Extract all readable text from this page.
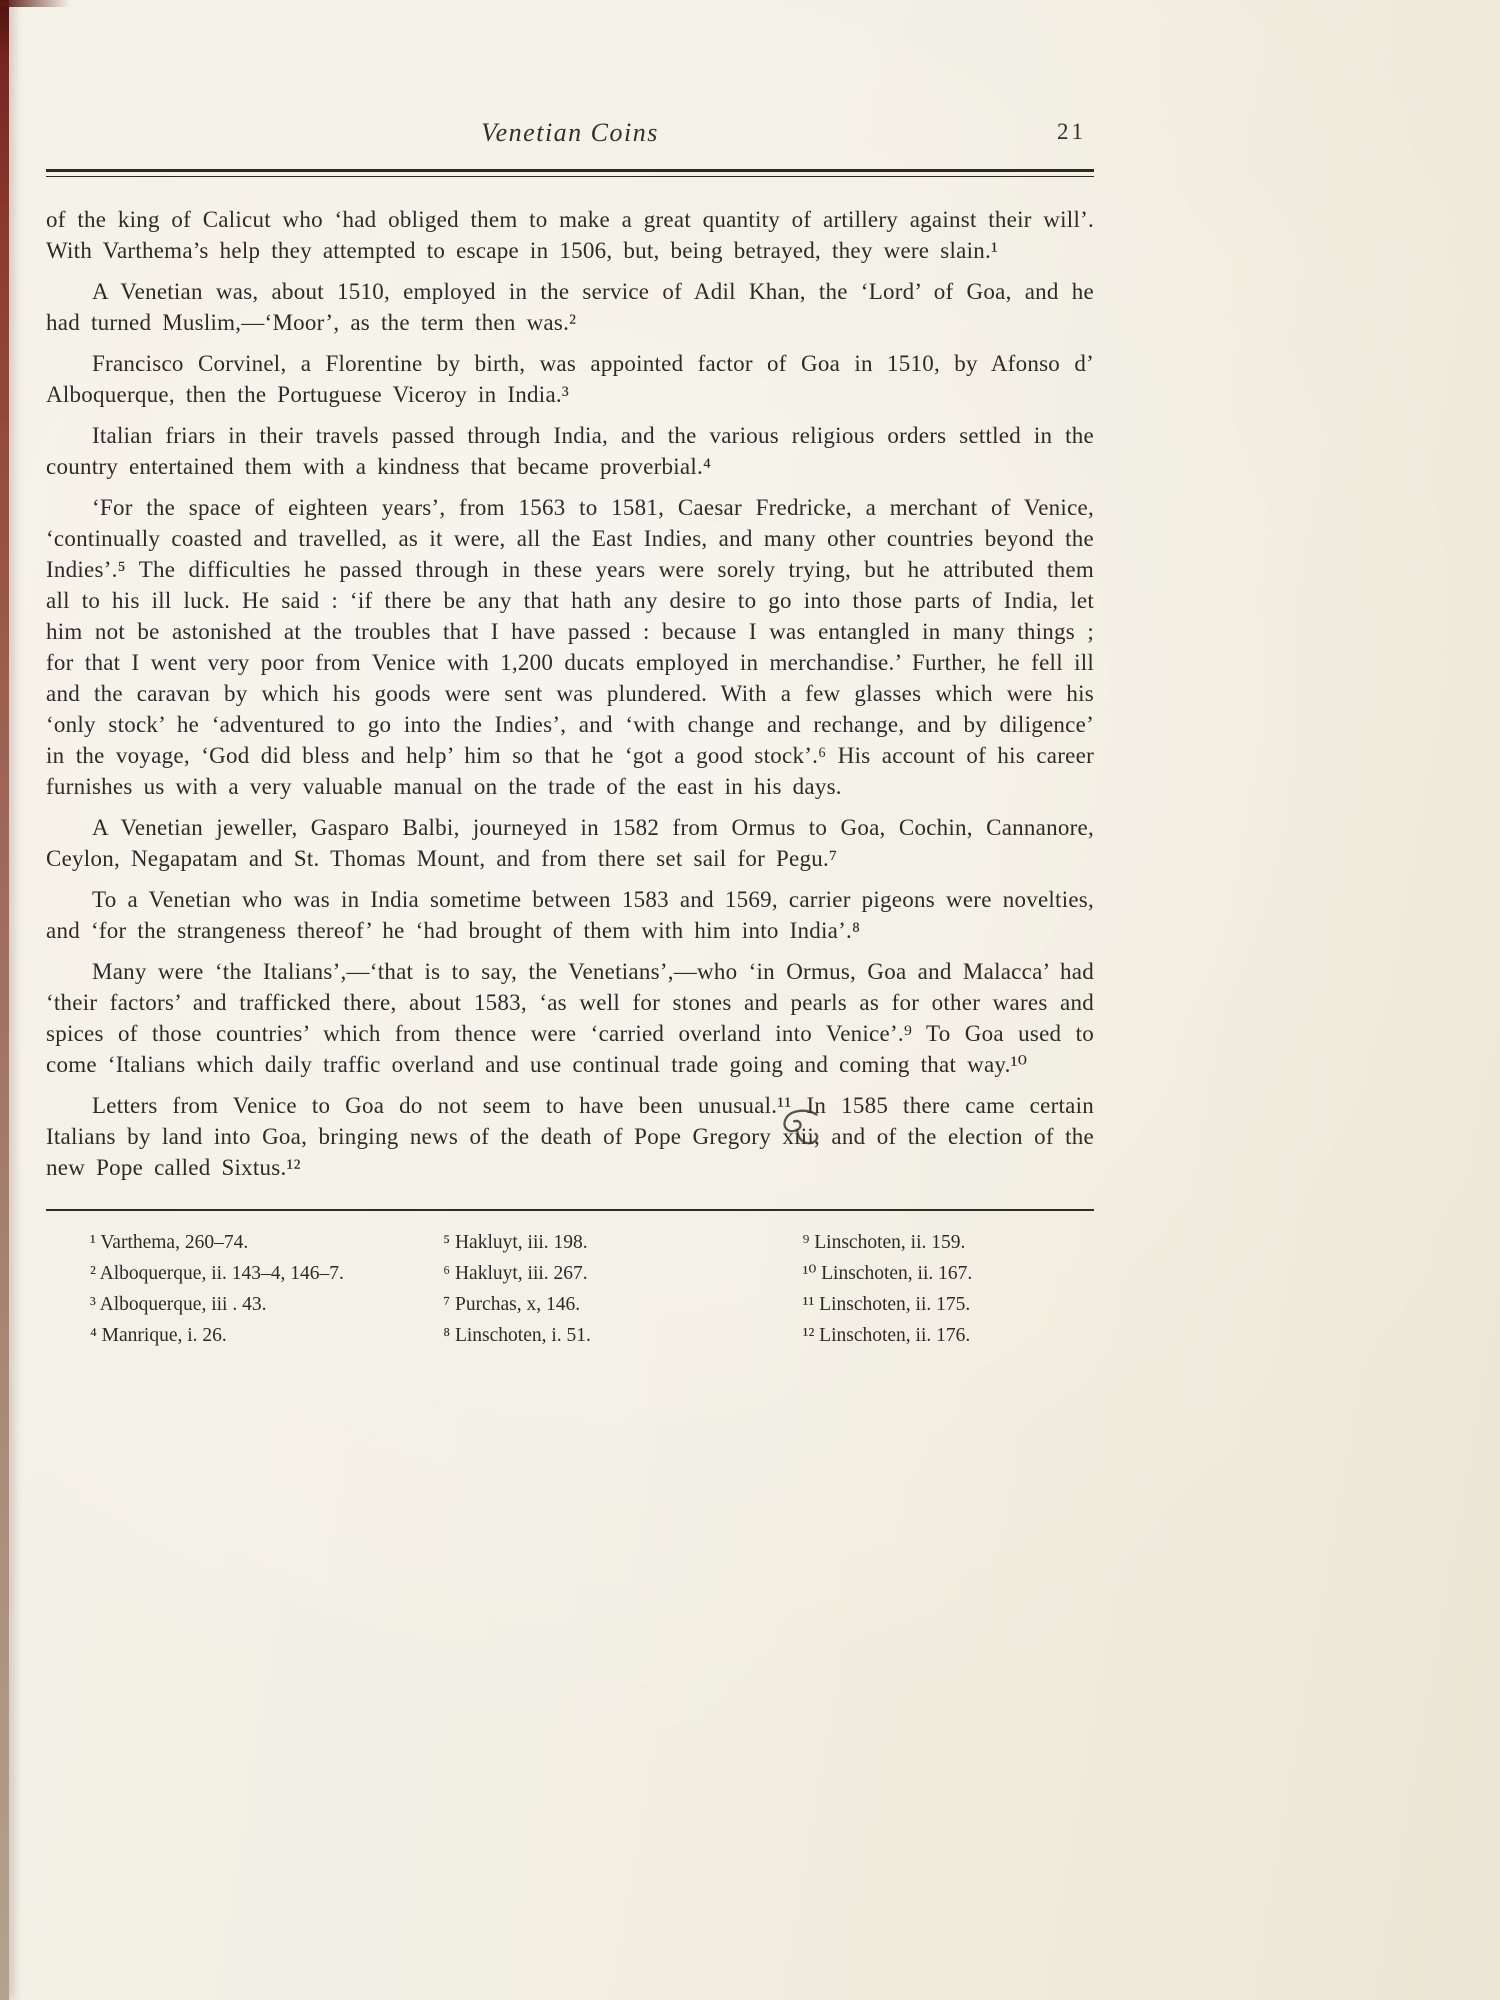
Venetian Coins	21

of the king of Calicut who ‘had obliged them to make a great quantity of artillery against their will’. With Varthema’s help they attempted to escape in 1506, but, being betrayed, they were slain.¹

A Venetian was, about 1510, employed in the service of Adil Khan, the ‘Lord’ of Goa, and he had turned Muslim,—‘Moor’, as the term then was.²

Francisco Corvinel, a Florentine by birth, was appointed factor of Goa in 1510, by Afonso d’ Alboquerque, then the Portuguese Viceroy in India.³

Italian friars in their travels passed through India, and the various religious orders settled in the country entertained them with a kindness that became proverbial.⁴

‘For the space of eighteen years’, from 1563 to 1581, Caesar Fredricke, a merchant of Venice, ‘continually coasted and travelled, as it were, all the East Indies, and many other countries beyond the Indies’.⁵ The difficulties he passed through in these years were sorely trying, but he attributed them all to his ill luck. He said : ‘if there be any that hath any desire to go into those parts of India, let him not be astonished at the troubles that I have passed : because I was entangled in many things ; for that I went very poor from Venice with 1,200 ducats employed in merchandise.’ Further, he fell ill and the caravan by which his goods were sent was plundered. With a few glasses which were his ‘only stock’ he ‘adventured to go into the Indies’, and ‘with change and rechange, and by diligence’ in the voyage, ‘God did bless and help’ him so that he ‘got a good stock’.⁶ His account of his career furnishes us with a very valuable manual on the trade of the east in his days.

A Venetian jeweller, Gasparo Balbi, journeyed in 1582 from Ormus to Goa, Cochin, Cannanore, Ceylon, Negapatam and St. Thomas Mount, and from there set sail for Pegu.⁷

To a Venetian who was in India sometime between 1583 and 1569, carrier pigeons were novelties, and ‘for the strangeness thereof’ he ‘had brought of them with him into India’.⁸

Many were ‘the Italians’,—‘that is to say, the Venetians’,—who ‘in Ormus, Goa and Malacca’ had ‘their factors’ and trafficked there, about 1583, ‘as well for stones and pearls as for other wares and spices of those countries’ which from thence were ‘carried overland into Venice’.⁹ To Goa used to come ‘Italians which daily traffic overland and use continual trade going and coming that way.¹⁰

Letters from Venice to Goa do not seem to have been unusual.¹¹ In 1585 there came certain Italians by land into Goa, bringing news of the death of Pope Gregory xiii, and of the election of the new Pope called Sixtus.¹²

¹ Varthema, 260–74.
² Alboquerque, ii. 143–4, 146–7.
³ Alboquerque, iii . 43.
⁴ Manrique, i. 26.
⁵ Hakluyt, iii. 198.
⁶ Hakluyt, iii. 267.
⁷ Purchas, x, 146.
⁸ Linschoten, i. 51.
⁹ Linschoten, ii. 159.
¹⁰ Linschoten, ii. 167.
¹¹ Linschoten, ii. 175.
¹² Linschoten, ii. 176.
